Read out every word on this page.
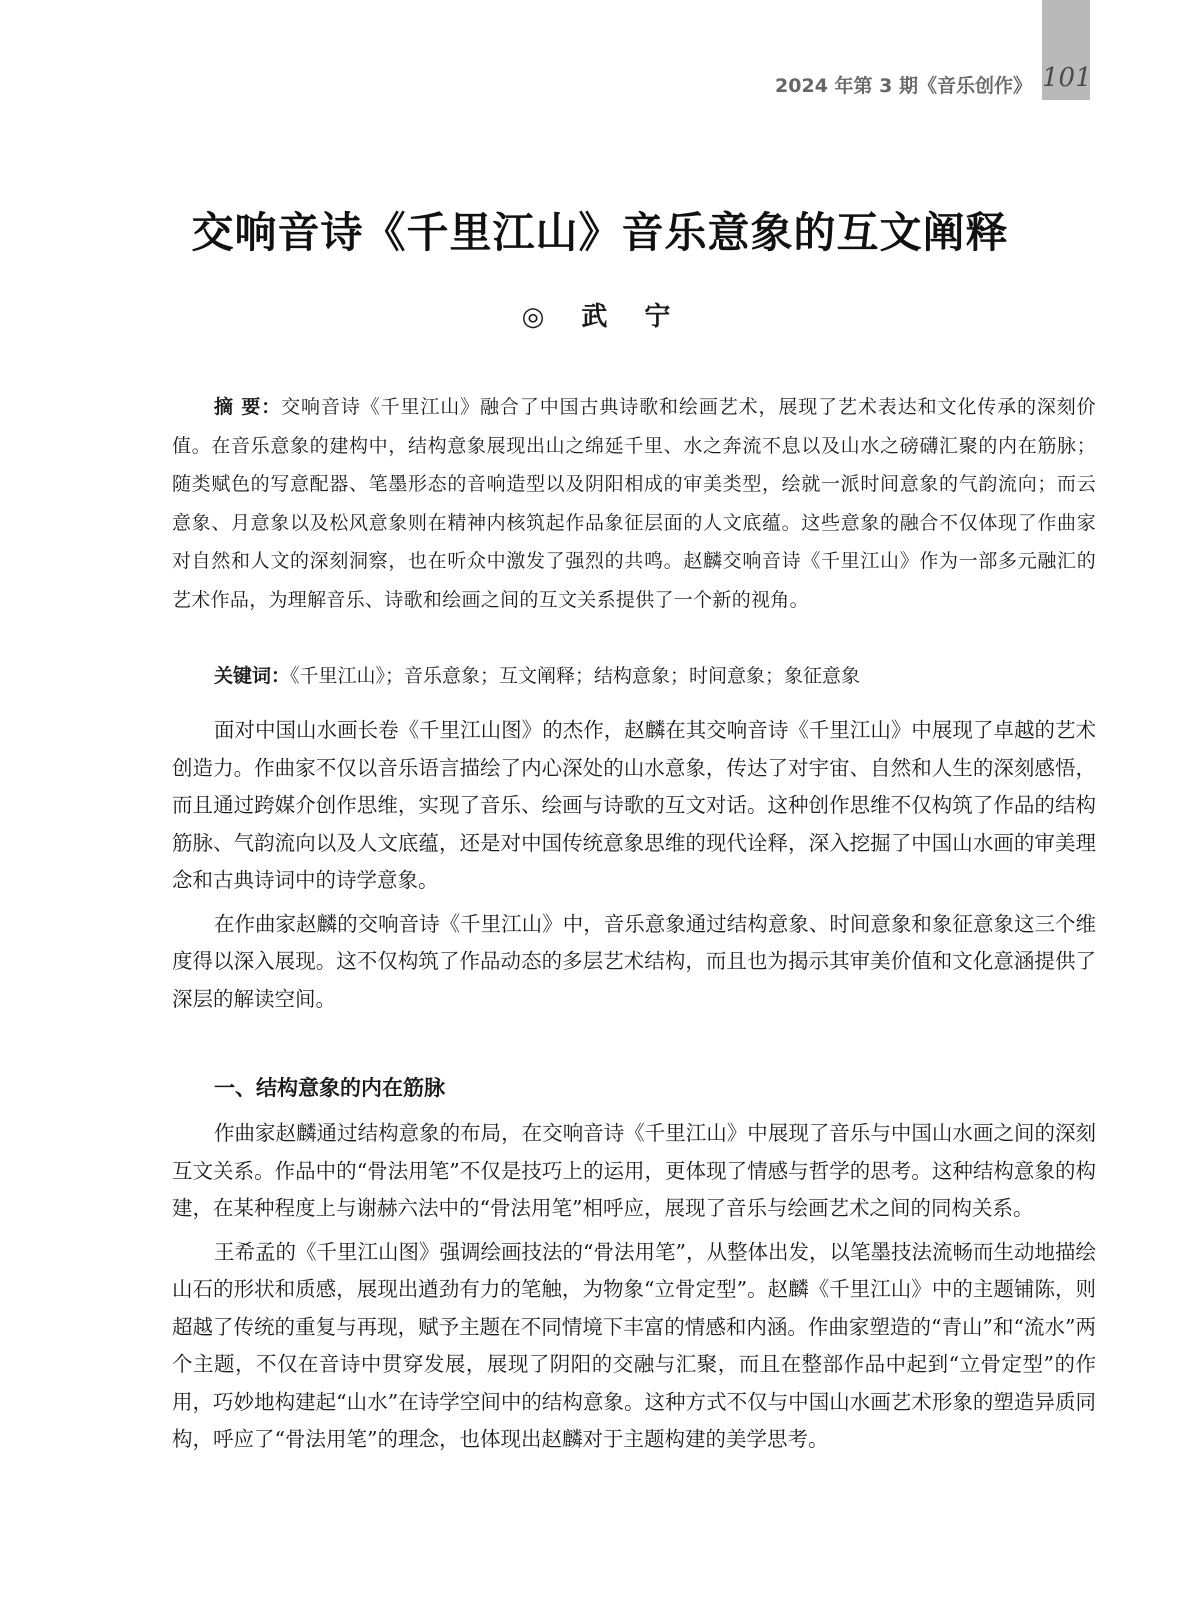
2024 年第 3 期《音乐创作》 101
交响音诗《千里江山》音乐意象的互文阐释
◎ 武 宁
摘 要：交响音诗《千里江山》融合了中国古典诗歌和绘画艺术，展现了艺术表达和文化传承的深刻价值。在音乐意象的建构中，结构意象展现出山之绵延千里、水之奔流不息以及山水之磅礴汇聚的内在筋脉；随类赋色的写意配器、笔墨形态的音响造型以及阴阳相成的审美类型，绘就一派时间意象的气韵流向；而云意象、月意象以及松风意象则在精神内核筑起作品象征层面的人文底蕴。这些意象的融合不仅体现了作曲家对自然和人文的深刻洞察，也在听众中激发了强烈的共鸣。赵麟交响音诗《千里江山》作为一部多元融汇的艺术作品，为理解音乐、诗歌和绘画之间的互文关系提供了一个新的视角。
关键词：《千里江山》；音乐意象；互文阐释；结构意象；时间意象；象征意象

面对中国山水画长卷《千里江山图》的杰作，赵麟在其交响音诗《千里江山》中展现了卓越的艺术创造力。作曲家不仅以音乐语言描绘了内心深处的山水意象，传达了对宇宙、自然和人生的深刻感悟，而且通过跨媒介创作思维，实现了音乐、绘画与诗歌的互文对话。这种创作思维不仅构筑了作品的结构筋脉、气韵流向以及人文底蕴，还是对中国传统意象思维的现代诠释，深入挖掘了中国山水画的审美理念和古典诗词中的诗学意象。

在作曲家赵麟的交响音诗《千里江山》中，音乐意象通过结构意象、时间意象和象征意象这三个维度得以深入展现。这不仅构筑了作品动态的多层艺术结构，而且也为揭示其审美价值和文化意涵提供了深层的解读空间。

一、结构意象的内在筋脉

作曲家赵麟通过结构意象的布局，在交响音诗《千里江山》中展现了音乐与中国山水画之间的深刻互文关系。作品中的“骨法用笔”不仅是技巧上的运用，更体现了情感与哲学的思考。这种结构意象的构建，在某种程度上与谢赫六法中的“骨法用笔”相呼应，展现了音乐与绘画艺术之间的同构关系。

王希孟的《千里江山图》强调绘画技法的“骨法用笔”，从整体出发，以笔墨技法流畅而生动地描绘山石的形状和质感，展现出遒劲有力的笔触，为物象“立骨定型”。赵麟《千里江山》中的主题铺陈，则超越了传统的重复与再现，赋予主题在不同情境下丰富的情感和内涵。作曲家塑造的“青山”和“流水”两个主题，不仅在音诗中贯穿发展，展现了阴阳的交融与汇聚，而且在整部作品中起到“立骨定型”的作用，巧妙地构建起“山水”在诗学空间中的结构意象。这种方式不仅与中国山水画艺术形象的塑造异质同构，呼应了“骨法用笔”的理念，也体现出赵麟对于主题构建的美学思考。
